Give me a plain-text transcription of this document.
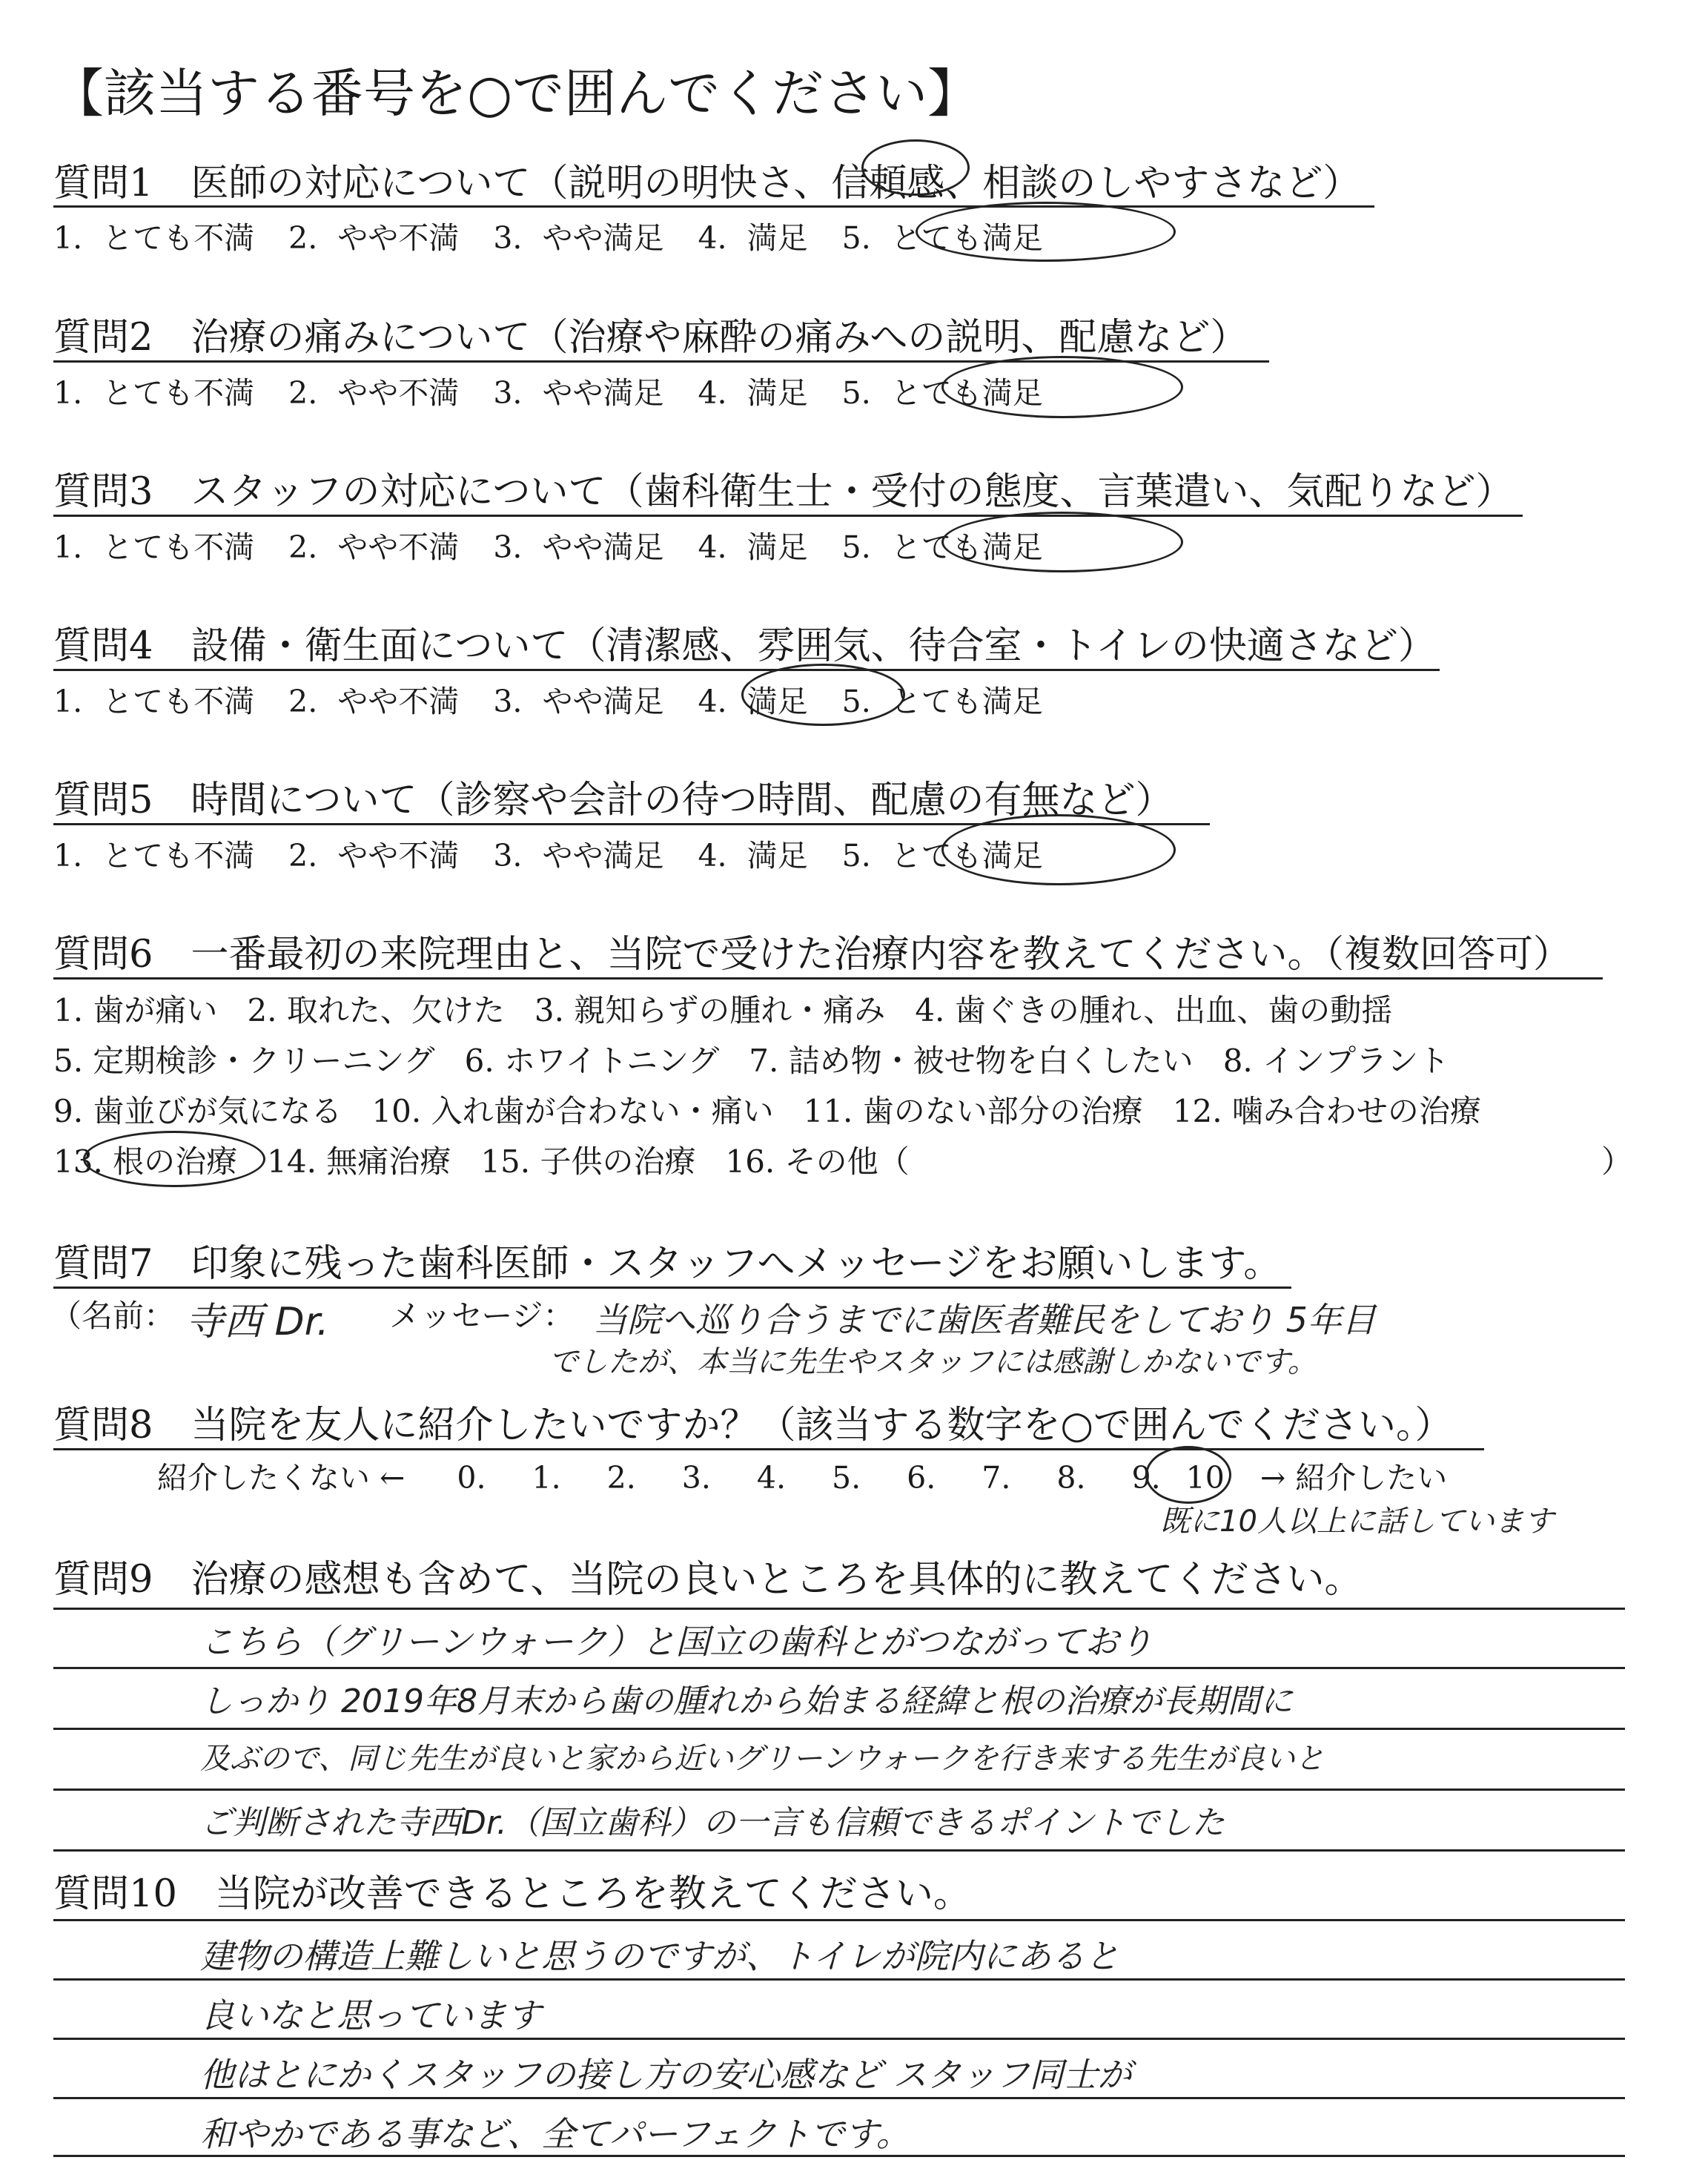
【該当する番号を○で囲んでください】
質問1　 医師の対応について（説明の明快さ、信頼感、相談のしやすさなど）
1. とても不満 2. やや不満 3. やや満足 4. 満足 5. とても満足
質問2　 治療の痛みについて（治療や麻酔の痛みへの説明、配慮など）
1. とても不満 2. やや不満 3. やや満足 4. 満足 5. とても満足
質問3　 スタッフの対応について（歯科衛生士・受付の態度、言葉遣い、気配りなど）
1. とても不満 2. やや不満 3. やや満足 4. 満足 5. とても満足
質問4　 設備・衛生面について（清潔感、雰囲気、待合室・トイレの快適さなど）
1. とても不満 2. やや不満 3. やや満足 4. 満足 5. とても満足
質問5　 時間について（診察や会計の待つ時間、配慮の有無など）
1. とても不満 2. やや不満 3. やや満足 4. 満足 5. とても満足
質問6　 一番最初の来院理由と、当院で受けた治療内容を教えてください。（複数回答可）
1. 歯が痛い 2. 取れた、欠けた 3. 親知らずの腫れ・痛み 4. 歯ぐきの腫れ、出血、歯の動揺
5. 定期検診・クリーニング 6. ホワイトニング 7. 詰め物・被せ物を白くしたい 8. インプラント
9. 歯並びが気になる 10. 入れ歯が合わない・痛い 11. 歯のない部分の治療 12. 噛み合わせの治療
13. 根の治療 14. 無痛治療 15. 子供の治療 16. その他（	）
質問7　 印象に残った歯科医師・スタッフへメッセージをお願いします。
（名前： 寺西 Dr. メッセージ： 当院へ巡り合うまでに歯医者難民をしており 5年目
でしたが、本当に先生やスタッフには感謝しかないです。
質問8　 当院を友人に紹介したいですか？（該当する数字を○で囲んでください。）
紹介したくない ← 0. 1. 2. 3. 4. 5. 6. 7. 8. 9. 10 → 紹介したい
既に10人以上に話しています
質問9　 治療の感想も含めて、当院の良いところを具体的に教えてください。
こちら（グリーンウォーク）と国立の歯科とがつながっており
しっかり 2019年8月末から歯の腫れから始まる経緯と根の治療が長期間に
及ぶので、同じ先生が良いと家から近いグリーンウォークを行き来する先生が良いと
ご判断された寺西Dr.（国立歯科）の一言も信頼できるポイントでした
質問10　 当院が改善できるところを教えてください。
建物の構造上難しいと思うのですが、トイレが院内にあると
良いなと思っています
他はとにかくスタッフの接し方の安心感など スタッフ同士が
和やかである事など、全てパーフェクトです。
